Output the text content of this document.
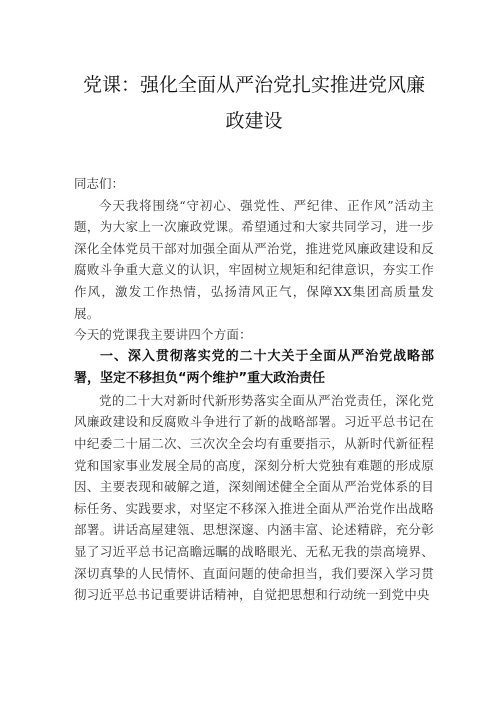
党课：强化全面从严治党扎实推进党风廉
政建设

同志们：

今天我将围绕“守初心、强党性、严纪律、正作风”活动主题，为大家上一次廉政党课。希望通过和大家共同学习，进一步深化全体党员干部对加强全面从严治党，推进党风廉政建设和反腐败斗争重大意义的认识，牢固树立规矩和纪律意识，夯实工作作风，激发工作热情，弘扬清风正气，保障XX集团高质量发展。

今天的党课我主要讲四个方面：

一、深入贯彻落实党的二十大关于全面从严治党战略部署，坚定不移担负“两个维护”重大政治责任

党的二十大对新时代新形势落实全面从严治党责任，深化党风廉政建设和反腐败斗争进行了新的战略部署。习近平总书记在中纪委二十届二次、三次次全会均有重要指示，从新时代新征程党和国家事业发展全局的高度，深刻分析大党独有难题的形成原因、主要表现和破解之道，深刻阐述健全全面从严治党体系的目标任务、实践要求，对坚定不移深入推进全面从严治党作出战略部署。讲话高屋建瓴、思想深邃、内涵丰富、论述精辟，充分彰显了习近平总书记高瞻远瞩的战略眼光、无私无我的崇高境界、深切真挚的人民情怀、直面问题的使命担当，我们要深入学习贯彻习近平总书记重要讲话精神，自觉把思想和行动统一到党中央
